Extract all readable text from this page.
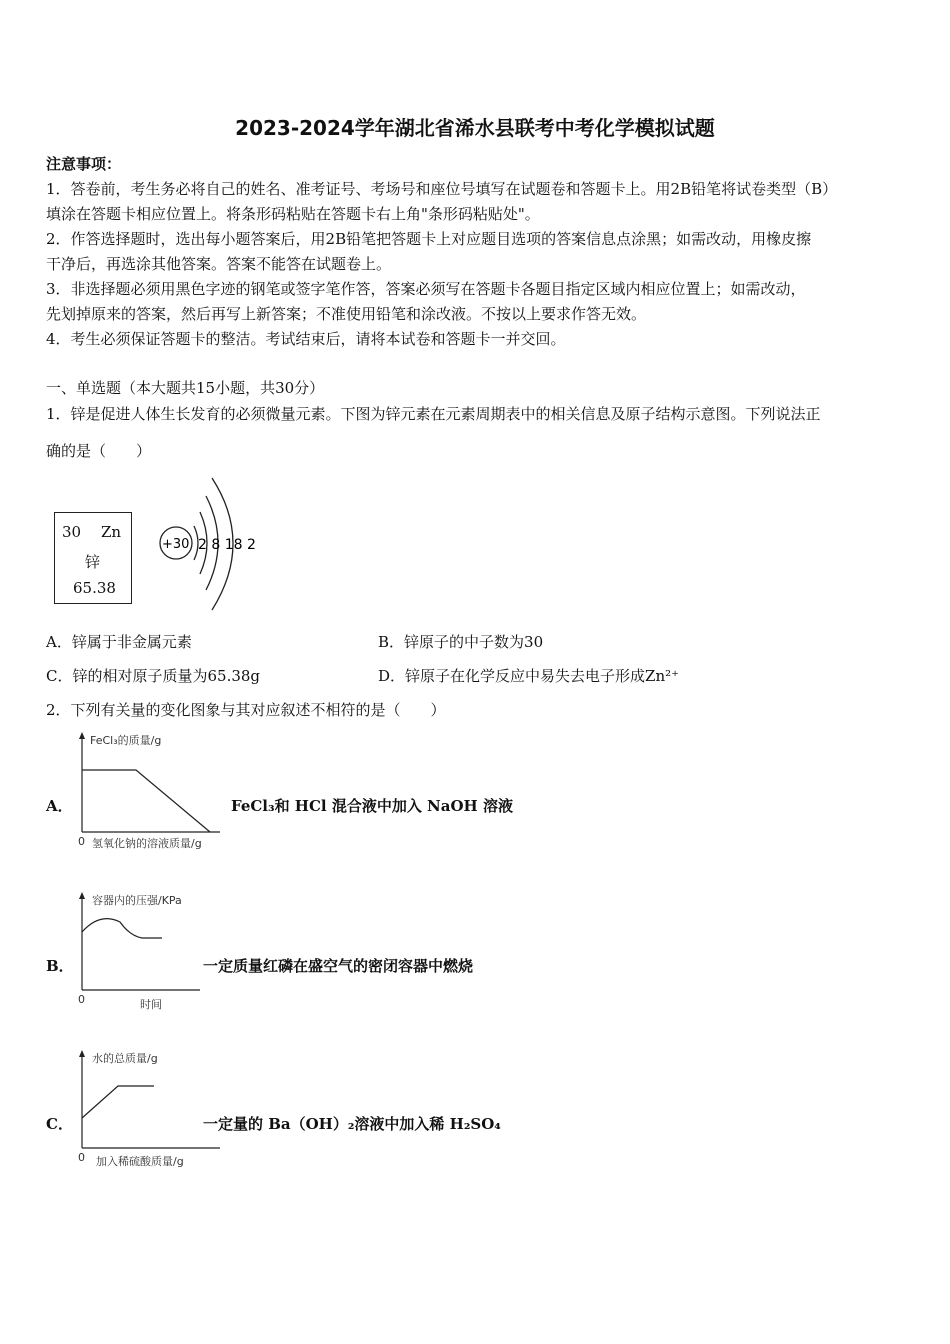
2023-2024学年湖北省浠水县联考中考化学模拟试题
注意事项：
1．答卷前，考生务必将自己的姓名、准考证号、考场号和座位号填写在试题卷和答题卡上。用2B铅笔将试卷类型（B）
填涂在答题卡相应位置上。将条形码粘贴在答题卡右上角"条形码粘贴处"。
2．作答选择题时，选出每小题答案后，用2B铅笔把答题卡上对应题目选项的答案信息点涂黑；如需改动，用橡皮擦
干净后，再选涂其他答案。答案不能答在试题卷上。
3．非选择题必须用黑色字迹的钢笔或签字笔作答，答案必须写在答题卡各题目指定区域内相应位置上；如需改动，
先划掉原来的答案，然后再写上新答案；不准使用铅笔和涂改液。不按以上要求作答无效。
4．考生必须保证答题卡的整洁。考试结束后，请将本试卷和答题卡一并交回。
一、单选题（本大题共15小题，共30分）
1．锌是促进人体生长发育的必须微量元素。下图为锌元素在元素周期表中的相关信息及原子结构示意图。下列说法正
确的是（　　）
30 Zn
锌
65.38
+30 2 8 18 2
A．锌属于非金属元素	B．锌原子的中子数为30
C．锌的相对原子质量为65.38g	D．锌原子在化学反应中易失去电子形成Zn²⁺
2．下列有关量的变化图象与其对应叙述不相符的是（　　）
A．
FeCl₃的质量/g
0 氢氧化钠的溶液质量/g
FeCl₃和 HCl 混合液中加入 NaOH 溶液
B．
容器内的压强/KPa
0	时间
一定质量红磷在盛空气的密闭容器中燃烧
C．
水的总质量/g
0 加入稀硫酸质量/g
一定量的 Ba（OH）₂溶液中加入稀 H₂SO₄
